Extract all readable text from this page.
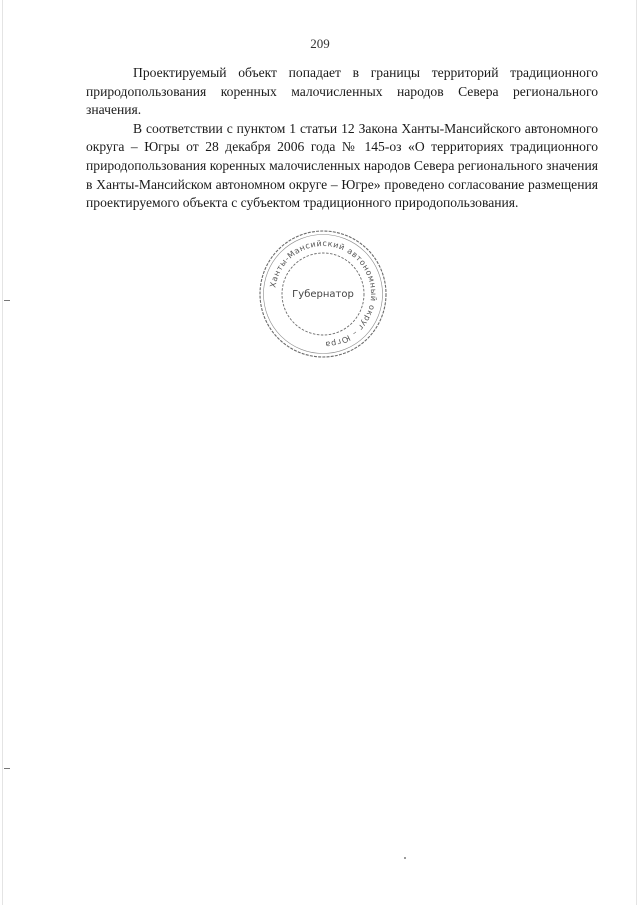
209

Проектируемый объект попадает в границы территорий традиционного природопользования коренных малочисленных народов Севера регионального значения.

В соответствии с пунктом 1 статьи 12 Закона Ханты-Мансийского автономного округа – Югры от 28 декабря 2006 года № 145-оз «О территориях традиционного природопользования коренных малочисленных народов Севера регионального значения в Ханты-Мансийском автономном округе – Югре» проведено согласование размещения проектируемого объекта с субъектом традиционного природопользования.

Ханты-Мансийский автономный округ – Югра
Губернатор
